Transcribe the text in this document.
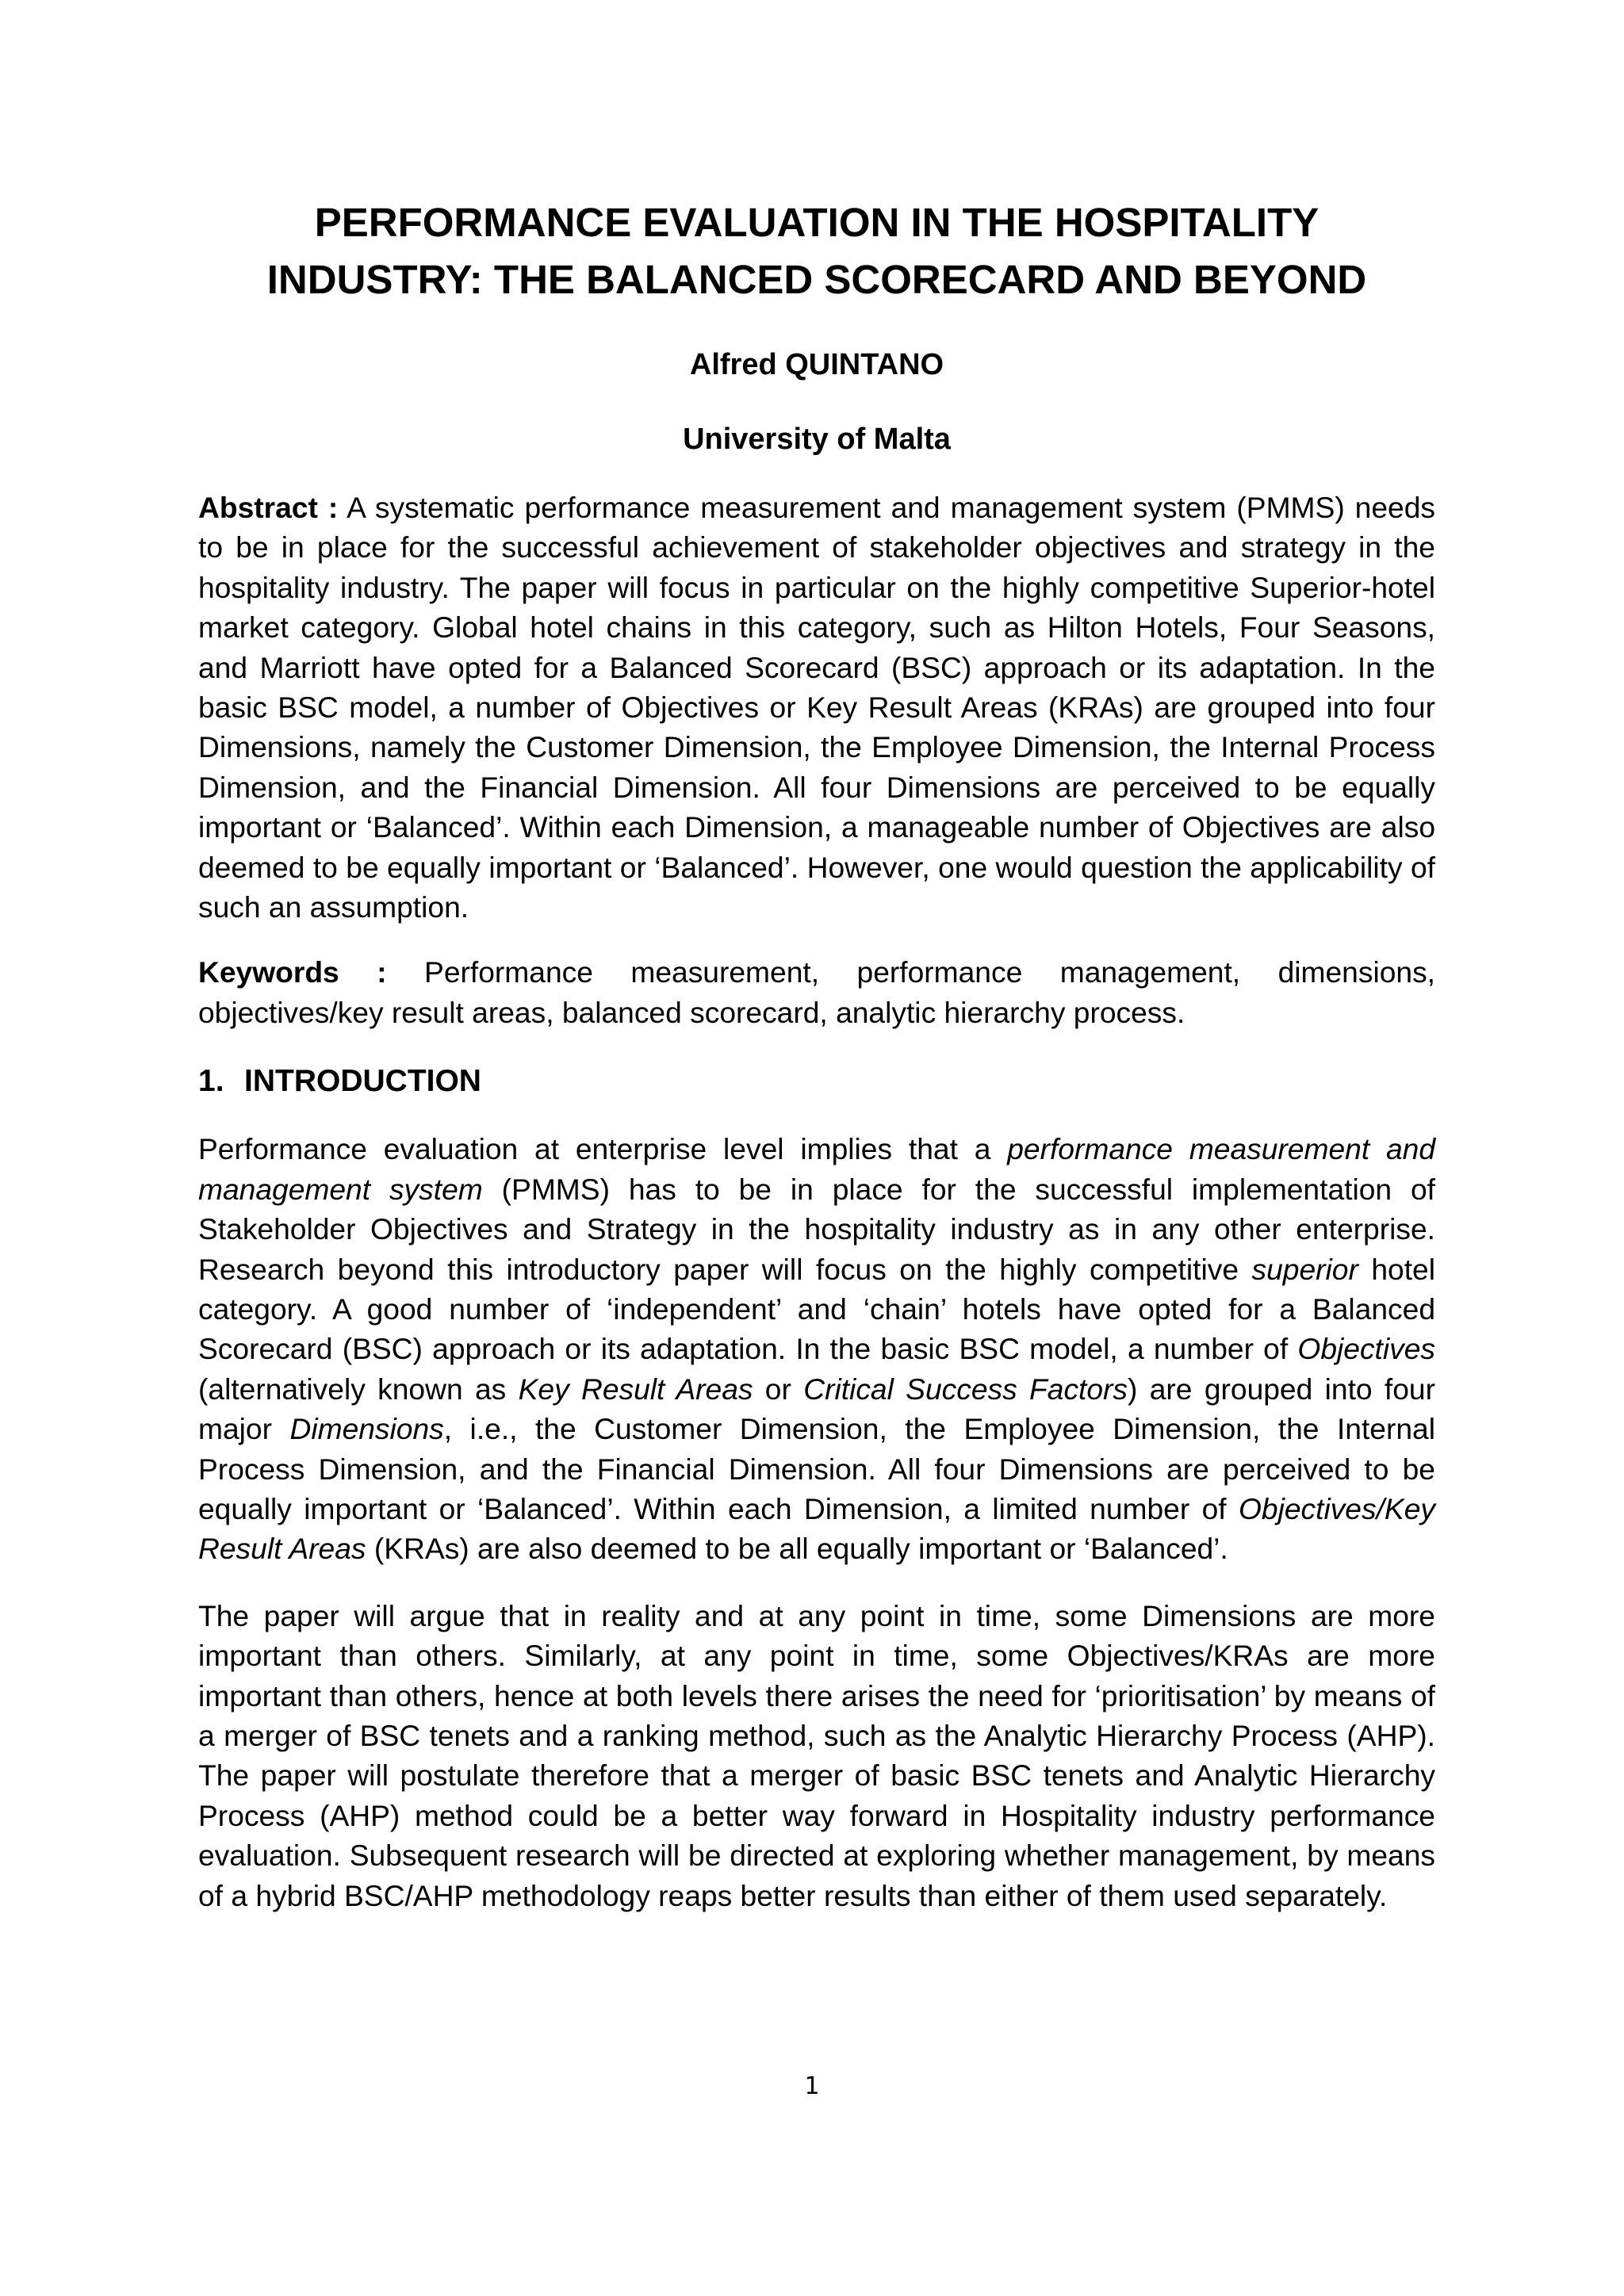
PERFORMANCE EVALUATION IN THE HOSPITALITY
INDUSTRY: THE BALANCED SCORECARD AND BEYOND

Alfred QUINTANO

University of Malta

Abstract : A systematic performance measurement and management system (PMMS) needs to be in place for the successful achievement of stakeholder objectives and strategy in the hospitality industry. The paper will focus in particular on the highly competitive Superior-hotel market category. Global hotel chains in this category, such as Hilton Hotels, Four Seasons, and Marriott have opted for a Balanced Scorecard (BSC) approach or its adaptation. In the basic BSC model, a number of Objectives or Key Result Areas (KRAs) are grouped into four Dimensions, namely the Customer Dimension, the Employee Dimension, the Internal Process Dimension, and the Financial Dimension. All four Dimensions are perceived to be equally important or ‘Balanced’. Within each Dimension, a manageable number of Objectives are also deemed to be equally important or ‘Balanced’. However, one would question the applicability of such an assumption.

Keywords : Performance measurement, performance management, dimensions, objectives/key result areas, balanced scorecard, analytic hierarchy process.

1. INTRODUCTION

Performance evaluation at enterprise level implies that a performance measurement and management system (PMMS) has to be in place for the successful implementation of Stakeholder Objectives and Strategy in the hospitality industry as in any other enterprise. Research beyond this introductory paper will focus on the highly competitive superior hotel category. A good number of ‘independent’ and ‘chain’ hotels have opted for a Balanced Scorecard (BSC) approach or its adaptation. In the basic BSC model, a number of Objectives (alternatively known as Key Result Areas or Critical Success Factors) are grouped into four major Dimensions, i.e., the Customer Dimension, the Employee Dimension, the Internal Process Dimension, and the Financial Dimension. All four Dimensions are perceived to be equally important or ‘Balanced’. Within each Dimension, a limited number of Objectives/Key Result Areas (KRAs) are also deemed to be all equally important or ‘Balanced’.

The paper will argue that in reality and at any point in time, some Dimensions are more important than others. Similarly, at any point in time, some Objectives/KRAs are more important than others, hence at both levels there arises the need for ‘prioritisation’ by means of a merger of BSC tenets and a ranking method, such as the Analytic Hierarchy Process (AHP). The paper will postulate therefore that a merger of basic BSC tenets and Analytic Hierarchy Process (AHP) method could be a better way forward in Hospitality industry performance evaluation. Subsequent research will be directed at exploring whether management, by means of a hybrid BSC/AHP methodology reaps better results than either of them used separately.

1
